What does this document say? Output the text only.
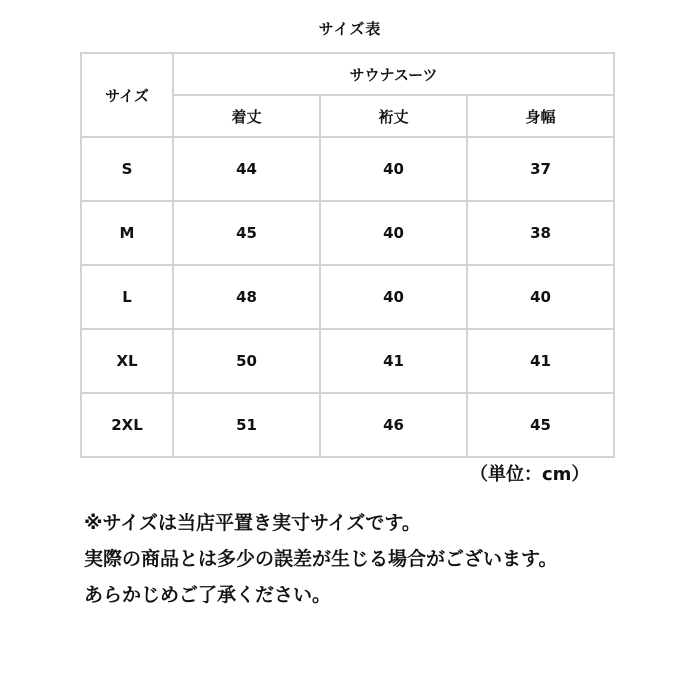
サイズ表
サイズ	サウナスーツ		
	着丈	裄丈	身幅
S	44	40	37
M	45	40	38
L	48	40	40
XL	50	41	41
2XL	51	46	45
（単位：cm）
※サイズは当店平置き実寸サイズです。
実際の商品とは多少の誤差が生じる場合がございます。
あらかじめご了承ください。
